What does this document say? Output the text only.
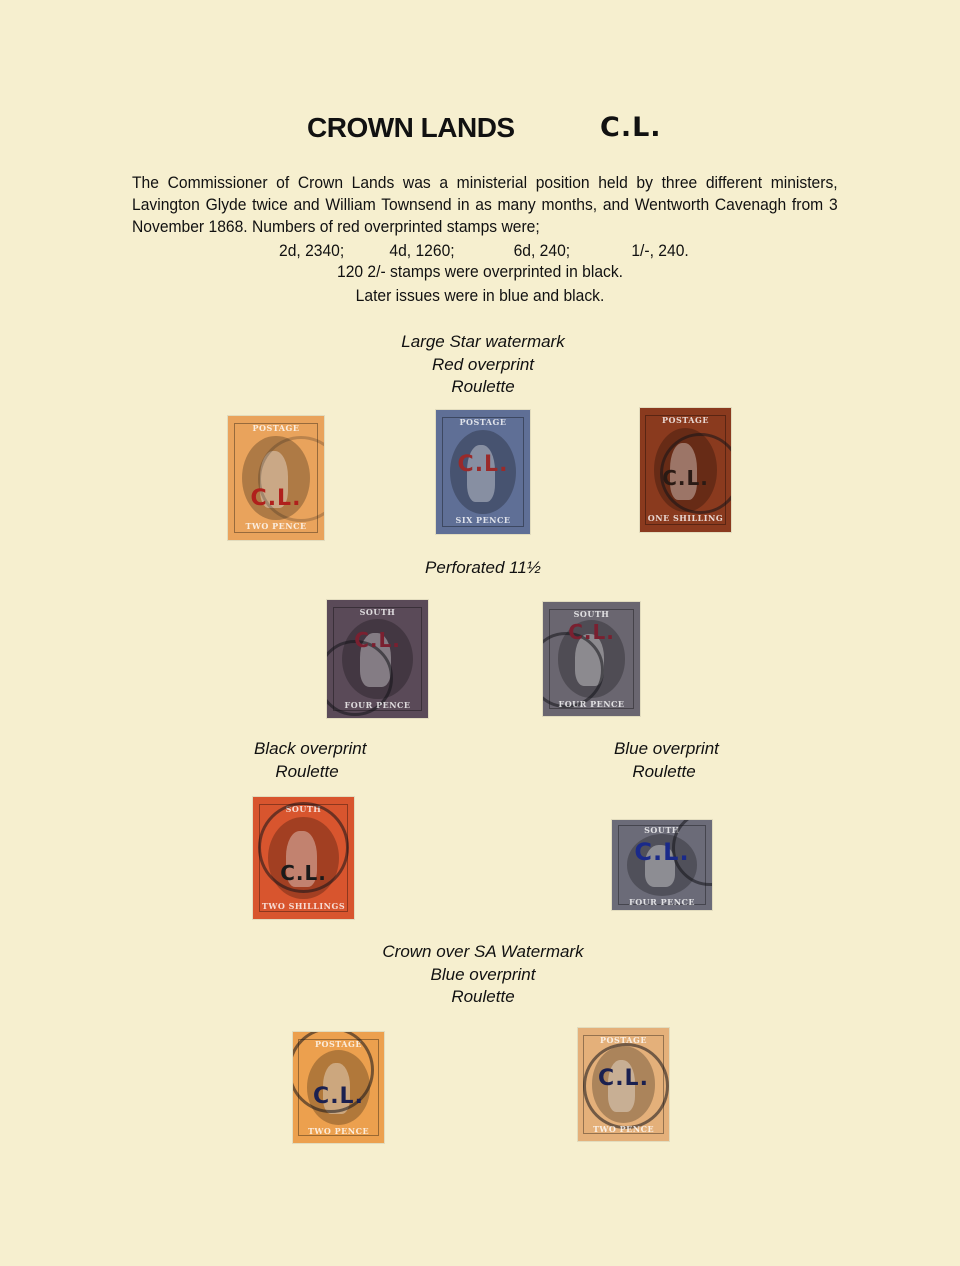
CROWN LANDS	C.L.

The Commissioner of Crown Lands was a ministerial position held by three different ministers, Lavington Glyde twice and William Townsend in as many months, and Wentworth Cavenagh from 3 November 1868. Numbers of red overprinted stamps were;

2d, 2340;	4d, 1260;	6d, 240;	1/-, 240.
120 2/- stamps were overprinted in black.
Later issues were in blue and black.
Large Star watermark
Red overprint
Roulette
POSTAGE
C.L.
TWO PENCE
POSTAGE
C.L.
SIX PENCE
POSTAGE
C.L.
ONE SHILLING
Perforated 11½
SOUTH
C.L.
FOUR PENCE
SOUTH
C.L.
FOUR PENCE
Black overprint
Roulette
Blue overprint
Roulette
SOUTH
C.L.
TWO SHILLINGS
SOUTH
C.L.
FOUR PENCE
Crown over SA Watermark
Blue overprint
Roulette
POSTAGE
C.L.
TWO PENCE
POSTAGE
C.L.
TWO PENCE
